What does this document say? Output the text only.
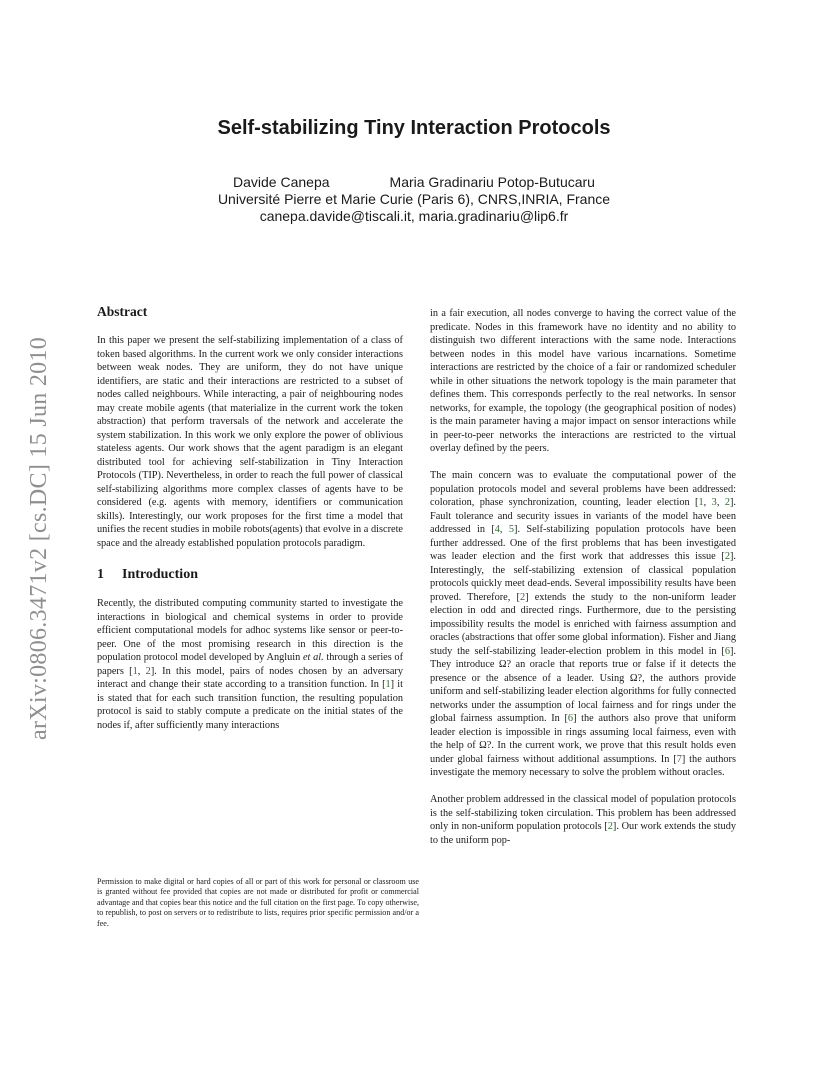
Self-stabilizing Tiny Interaction Protocols
Davide Canepa	Maria Gradinariu Potop-Butucaru
Université Pierre et Marie Curie (Paris 6), CNRS,INRIA, France
canepa.davide@tiscali.it, maria.gradinariu@lip6.fr
arXiv:0806.3471v2 [cs.DC] 15 Jun 2010
Abstract

In this paper we present the self-stabilizing implementation of a class of token based algorithms. In the current work we only consider interactions between weak nodes. They are uniform, they do not have unique identifiers, are static and their interactions are restricted to a subset of nodes called neighbours. While interacting, a pair of neighbouring nodes may create mobile agents (that materialize in the current work the token abstraction) that perform traversals of the network and accelerate the system stabilization. In this work we only explore the power of oblivious stateless agents. Our work shows that the agent paradigm is an elegant distributed tool for achieving self-stabilization in Tiny Interaction Protocols (TIP). Nevertheless, in order to reach the full power of classical self-stabilizing algorithms more complex classes of agents have to be considered (e.g. agents with memory, identifiers or communication skills). Interestingly, our work proposes for the first time a model that unifies the recent studies in mobile robots(agents) that evolve in a discrete space and the already established population protocols paradigm.

1 Introduction

Recently, the distributed computing community started to investigate the interactions in biological and chemical systems in order to provide efficient computational models for adhoc systems like sensor or peer-to-peer. One of the most promising research in this direction is the population protocol model developed by Angluin et al. through a series of papers [1, 2]. In this model, pairs of nodes chosen by an adversary interact and change their state according to a transition function. In [1] it is stated that for each such transition function, the resulting population protocol is said to stably compute a predicate on the initial states of the nodes if, after sufficiently many interactions

in a fair execution, all nodes converge to having the correct value of the predicate. Nodes in this framework have no identity and no ability to distinguish two different interactions with the same node. Interactions between nodes in this model have various incarnations. Sometime interactions are restricted by the choice of a fair or randomized scheduler while in other situations the network topology is the main parameter that defines them. This corresponds perfectly to the real networks. In sensor networks, for example, the topology (the geographical position of nodes) is the main parameter having a major impact on sensor interactions while in peer-to-peer networks the interactions are restricted to the virtual overlay defined by the peers.

The main concern was to evaluate the computational power of the population protocols model and several problems have been addressed: coloration, phase synchronization, counting, leader election [1, 3, 2]. Fault tolerance and security issues in variants of the model have been addressed in [4, 5]. Self-stabilizing population protocols have been further addressed. One of the first problems that has been investigated was leader election and the first work that addresses this issue [2]. Interestingly, the self-stabilizing extension of classical population protocols quickly meet dead-ends. Several impossibility results have been proved. Therefore, [2] extends the study to the non-uniform leader election in odd and directed rings. Furthermore, due to the persisting impossibility results the model is enriched with fairness assumption and oracles (abstractions that offer some global information). Fisher and Jiang study the self-stabilizing leader-election problem in this model in [6]. They introduce Ω? an oracle that reports true or false if it detects the presence or the absence of a leader. Using Ω?, the authors provide uniform and self-stabilizing leader election algorithms for fully connected networks under the assumption of local fairness and for rings under the global fairness assumption. In [6] the authors also prove that uniform leader election is impossible in rings assuming local fairness, even with the help of Ω?. In the current work, we prove that this result holds even under global fairness without additional assumptions. In [7] the authors investigate the memory necessary to solve the problem without oracles.

Another problem addressed in the classical model of population protocols is the self-stabilizing token circulation. This problem has been addressed only in non-uniform population protocols [2]. Our work extends the study to the uniform pop-

Permission to make digital or hard copies of all or part of this work for personal or classroom use is granted without fee provided that copies are not made or distributed for profit or commercial advantage and that copies bear this notice and the full citation on the first page. To copy otherwise, to republish, to post on servers or to redistribute to lists, requires prior specific permission and/or a fee.
